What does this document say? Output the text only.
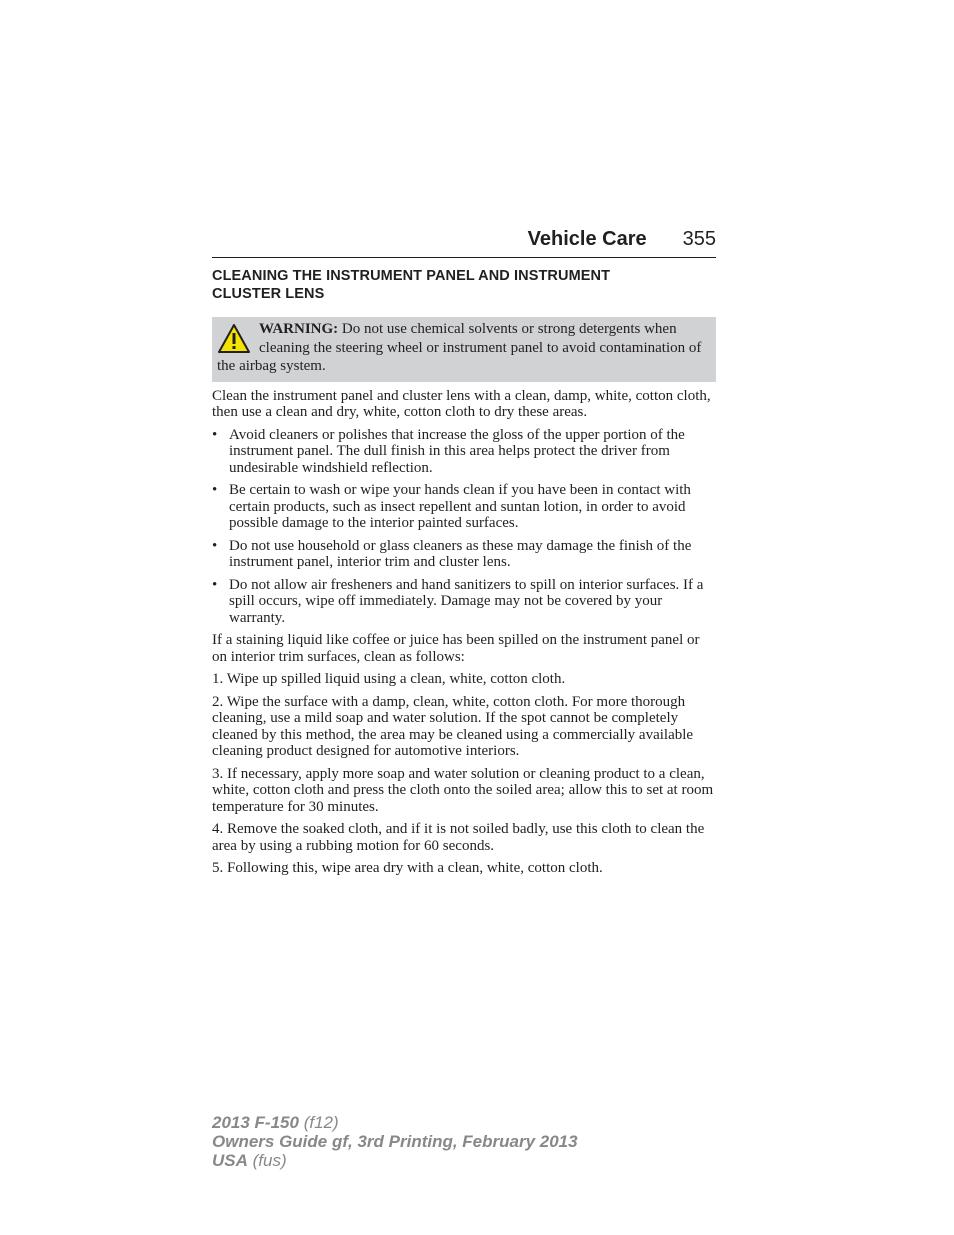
Vehicle Care 355
CLEANING THE INSTRUMENT PANEL AND INSTRUMENT
CLUSTER LENS
WARNING: Do not use chemical solvents or strong detergents when cleaning the steering wheel or instrument panel to avoid contamination of the airbag system.

Clean the instrument panel and cluster lens with a clean, damp, white, cotton cloth, then use a clean and dry, white, cotton cloth to dry these areas.

• Avoid cleaners or polishes that increase the gloss of the upper portion of the instrument panel. The dull finish in this area helps protect the driver from undesirable windshield reflection.
• Be certain to wash or wipe your hands clean if you have been in contact with certain products, such as insect repellent and suntan lotion, in order to avoid possible damage to the interior painted surfaces.
• Do not use household or glass cleaners as these may damage the finish of the instrument panel, interior trim and cluster lens.
• Do not allow air fresheners and hand sanitizers to spill on interior surfaces. If a spill occurs, wipe off immediately. Damage may not be covered by your warranty.

If a staining liquid like coffee or juice has been spilled on the instrument panel or on interior trim surfaces, clean as follows:

1. Wipe up spilled liquid using a clean, white, cotton cloth.

2. Wipe the surface with a damp, clean, white, cotton cloth. For more thorough cleaning, use a mild soap and water solution. If the spot cannot be completely cleaned by this method, the area may be cleaned using a commercially available cleaning product designed for automotive interiors.

3. If necessary, apply more soap and water solution or cleaning product to a clean, white, cotton cloth and press the cloth onto the soiled area; allow this to set at room temperature for 30 minutes.

4. Remove the soaked cloth, and if it is not soiled badly, use this cloth to clean the area by using a rubbing motion for 60 seconds.

5. Following this, wipe area dry with a clean, white, cotton cloth.

2013 F-150 (f12)
Owners Guide gf, 3rd Printing, February 2013
USA (fus)
